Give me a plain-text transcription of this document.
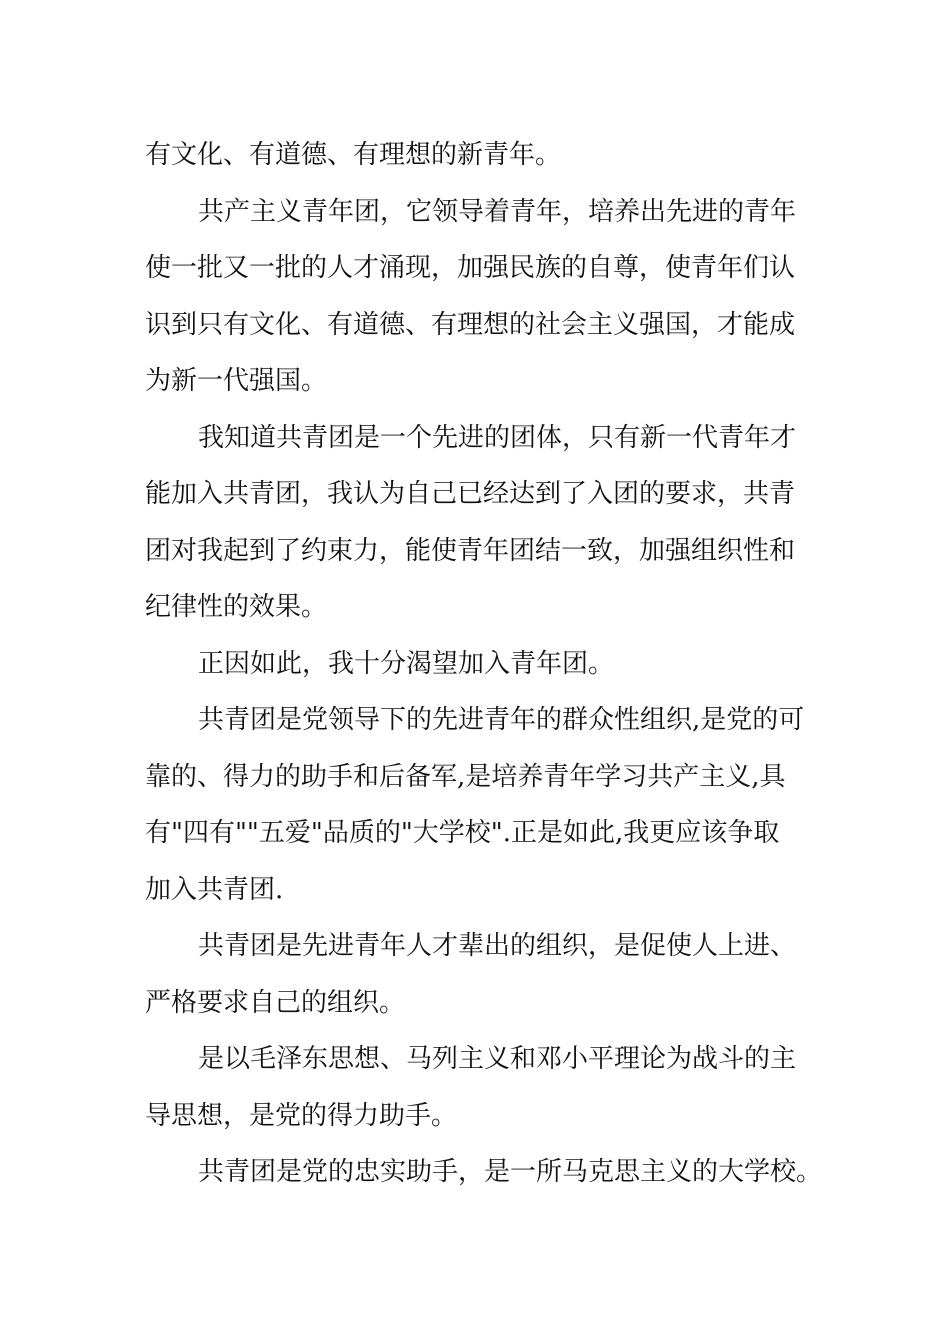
有文化、有道德、有理想的新青年。

共产主义青年团，它领导着青年，培养出先进的青年
使一批又一批的人才涌现，加强民族的自尊，使青年们认
识到只有文化、有道德、有理想的社会主义强国，才能成
为新一代强国。

我知道共青团是一个先进的团体，只有新一代青年才
能加入共青团，我认为自己已经达到了入团的要求，共青
团对我起到了约束力，能使青年团结一致，加强组织性和
纪律性的效果。

正因如此，我十分渴望加入青年团。

共青团是党领导下的先进青年的群众性组织,是党的可
靠的、得力的助手和后备军,是培养青年学习共产主义,具
有"四有""五爱"品质的"大学校".正是如此,我更应该争取
加入共青团.

共青团是先进青年人才辈出的组织，是促使人上进、
严格要求自己的组织。

是以毛泽东思想、马列主义和邓小平理论为战斗的主
导思想，是党的得力助手。

共青团是党的忠实助手，是一所马克思主义的大学校。
